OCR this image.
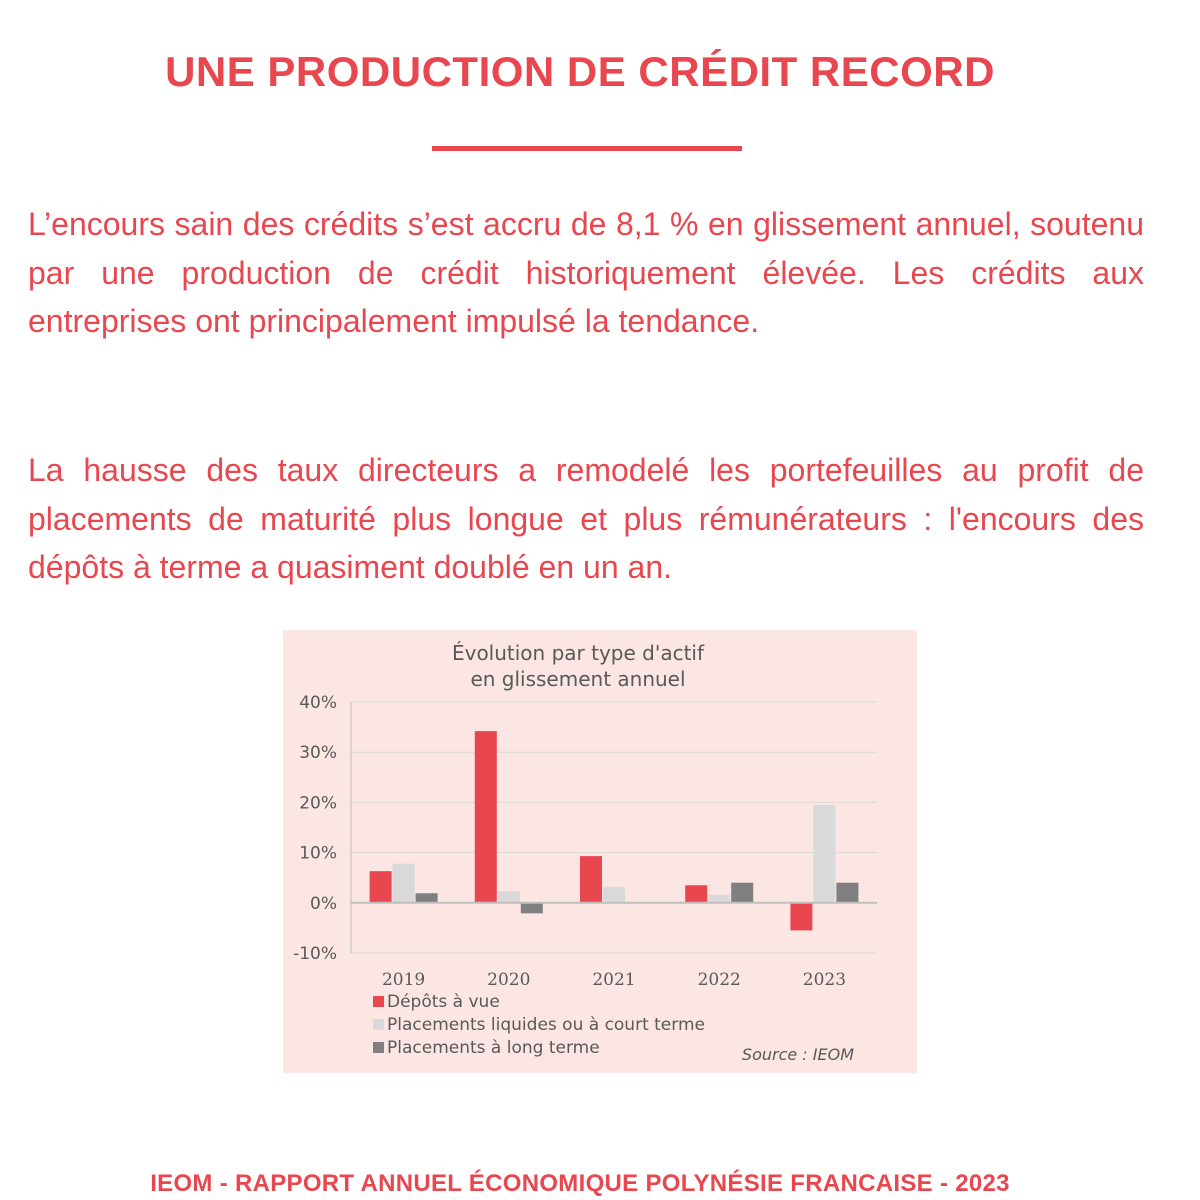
UNE PRODUCTION DE CRÉDIT RECORD

L’encours sain des crédits s’est accru de 8,1 % en glissement annuel, soutenu par une production de crédit historiquement élevée. Les crédits aux entreprises ont principalement impulsé la tendance.

La hausse des taux directeurs a remodelé les portefeuilles au profit de placements de maturité plus longue et plus rémunérateurs : l'encours des dépôts à terme a quasiment doublé en un an.

Évolution par type d'actif
en glissement annuel
40%
30%
20%
10%
0%
-10%
2019	2020	2021	2022	2023
Dépôts à vue
Placements liquides ou à court terme
Placements à long terme	Source : IEOM
IEOM - RAPPORT ANNUEL ÉCONOMIQUE POLYNÉSIE FRANCAISE - 2023
